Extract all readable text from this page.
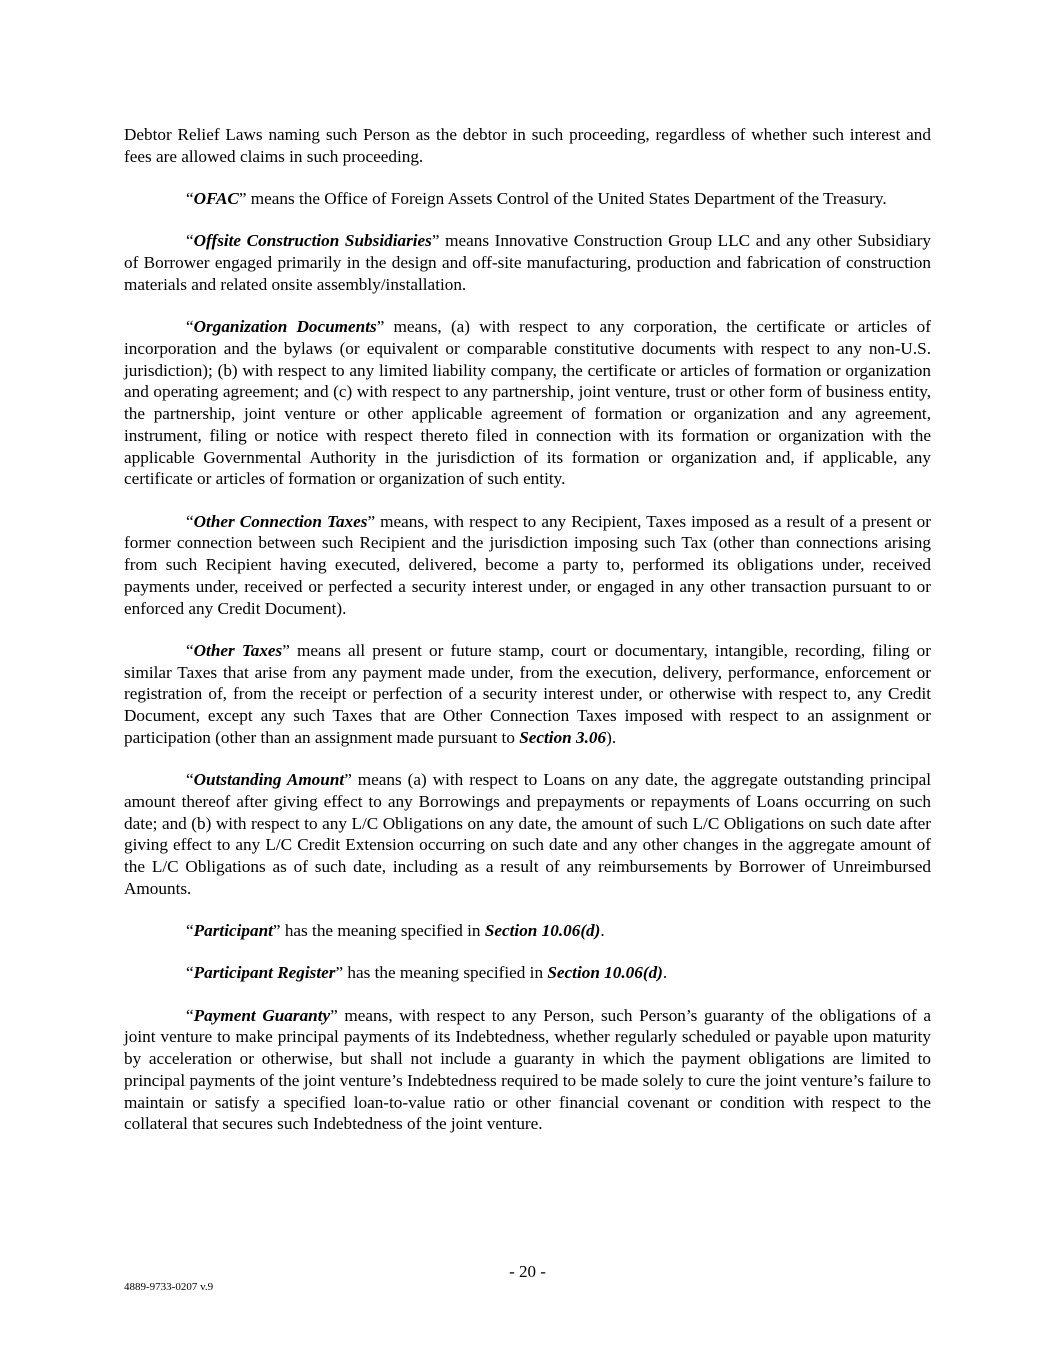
Debtor Relief Laws naming such Person as the debtor in such proceeding, regardless of whether such interest and fees are allowed claims in such proceeding.

“OFAC” means the Office of Foreign Assets Control of the United States Department of the Treasury.

“Offsite Construction Subsidiaries” means Innovative Construction Group LLC and any other Subsidiary of Borrower engaged primarily in the design and off-site manufacturing, production and fabrication of construction materials and related onsite assembly/installation.

“Organization Documents” means, (a) with respect to any corporation, the certificate or articles of incorporation and the bylaws (or equivalent or comparable constitutive documents with respect to any non-U.S. jurisdiction); (b) with respect to any limited liability company, the certificate or articles of formation or organization and operating agreement; and (c) with respect to any partnership, joint venture, trust or other form of business entity, the partnership, joint venture or other applicable agreement of formation or organization and any agreement, instrument, filing or notice with respect thereto filed in connection with its formation or organization with the applicable Governmental Authority in the jurisdiction of its formation or organization and, if applicable, any certificate or articles of formation or organization of such entity.

“Other Connection Taxes” means, with respect to any Recipient, Taxes imposed as a result of a present or former connection between such Recipient and the jurisdiction imposing such Tax (other than connections arising from such Recipient having executed, delivered, become a party to, performed its obligations under, received payments under, received or perfected a security interest under, or engaged in any other transaction pursuant to or enforced any Credit Document).

“Other Taxes” means all present or future stamp, court or documentary, intangible, recording, filing or similar Taxes that arise from any payment made under, from the execution, delivery, performance, enforcement or registration of, from the receipt or perfection of a security interest under, or otherwise with respect to, any Credit Document, except any such Taxes that are Other Connection Taxes imposed with respect to an assignment or participation (other than an assignment made pursuant to Section 3.06).

“Outstanding Amount” means (a) with respect to Loans on any date, the aggregate outstanding principal amount thereof after giving effect to any Borrowings and prepayments or repayments of Loans occurring on such date; and (b) with respect to any L/C Obligations on any date, the amount of such L/C Obligations on such date after giving effect to any L/C Credit Extension occurring on such date and any other changes in the aggregate amount of the L/C Obligations as of such date, including as a result of any reimbursements by Borrower of Unreimbursed Amounts.

“Participant” has the meaning specified in Section 10.06(d).

“Participant Register” has the meaning specified in Section 10.06(d).

“Payment Guaranty” means, with respect to any Person, such Person’s guaranty of the obligations of a joint venture to make principal payments of its Indebtedness, whether regularly scheduled or payable upon maturity by acceleration or otherwise, but shall not include a guaranty in which the payment obligations are limited to principal payments of the joint venture’s Indebtedness required to be made solely to cure the joint venture’s failure to maintain or satisfy a specified loan-to-value ratio or other financial covenant or condition with respect to the collateral that secures such Indebtedness of the joint venture.

- 20 -
4889-9733-0207 v.9
